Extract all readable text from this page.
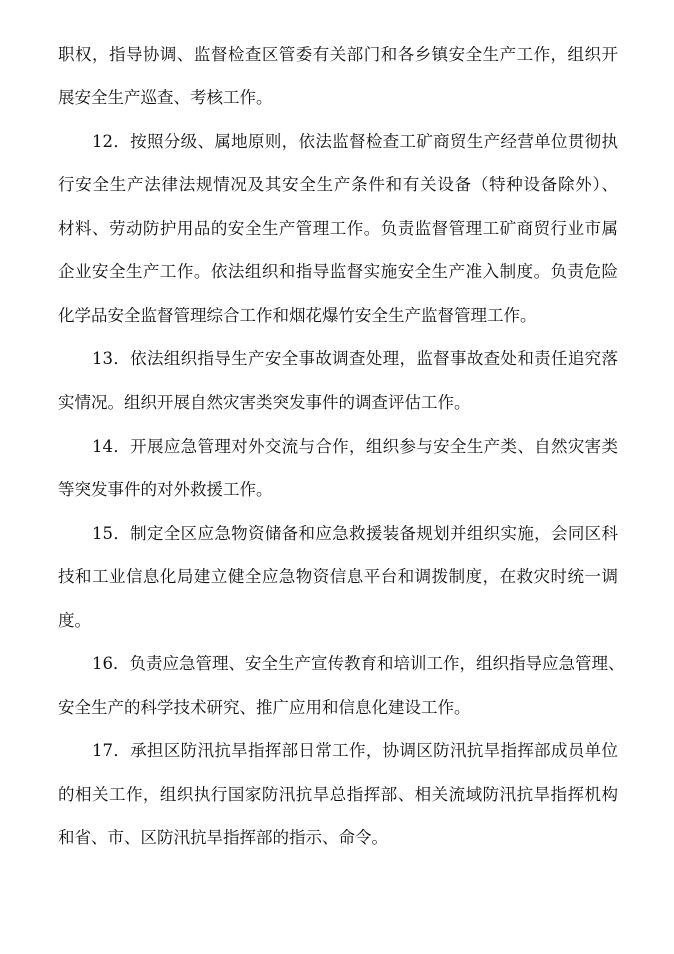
职权，指导协调、监督检查区管委有关部门和各乡镇安全生产工作，组织开
展安全生产巡查、考核工作。
12．按照分级、属地原则，依法监督检查工矿商贸生产经营单位贯彻执
行安全生产法律法规情况及其安全生产条件和有关设备（特种设备除外）、
材料、劳动防护用品的安全生产管理工作。负责监督管理工矿商贸行业市属
企业安全生产工作。依法组织和指导监督实施安全生产准入制度。负责危险
化学品安全监督管理综合工作和烟花爆竹安全生产监督管理工作。
13．依法组织指导生产安全事故调查处理，监督事故查处和责任追究落
实情况。组织开展自然灾害类突发事件的调查评估工作。
14．开展应急管理对外交流与合作，组织参与安全生产类、自然灾害类
等突发事件的对外救援工作。
15．制定全区应急物资储备和应急救援装备规划并组织实施，会同区科
技和工业信息化局建立健全应急物资信息平台和调拨制度，在救灾时统一调
度。
16．负责应急管理、安全生产宣传教育和培训工作，组织指导应急管理、
安全生产的科学技术研究、推广应用和信息化建设工作。
17．承担区防汛抗旱指挥部日常工作，协调区防汛抗旱指挥部成员单位
的相关工作，组织执行国家防汛抗旱总指挥部、相关流域防汛抗旱指挥机构
和省、市、区防汛抗旱指挥部的指示、命令。
